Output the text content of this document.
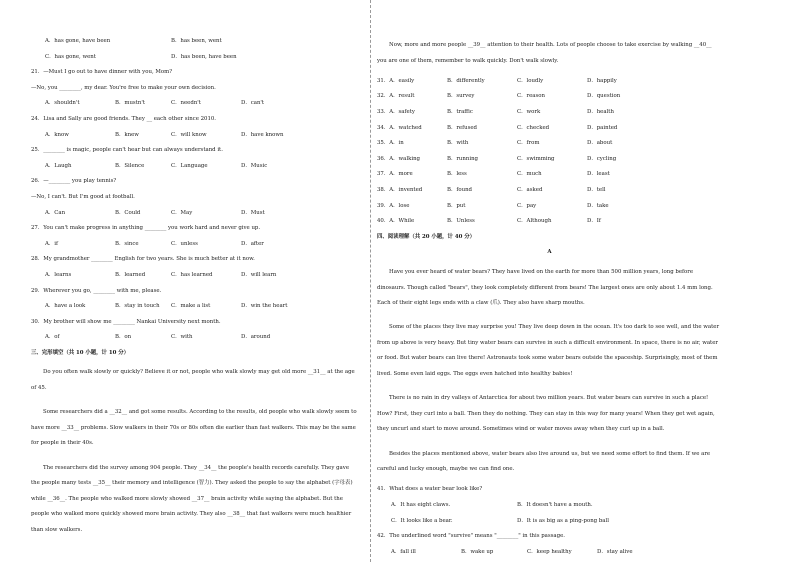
A．has gone, have been	B．has been, went
C．has gone, went	D．has been, have been
21．—Must I go out to have dinner with you, Mom?
—No, you ________, my dear. You're free to make your own decision.
A．shouldn't	B．mustn't	C．needn't	D．can't
24．Lisa and Sally are good friends. They __ each other since 2010.
A．know	B．knew	C．will know	D．have known
25．________ is magic, people can't hear but can always understand it.
A．Laugh	B．Silence	C．Language	D．Music
26．—________ you play tennis?
—No, I can't. But I'm good at football.
A．Can	B．Could	C．May	D．Must
27．You can't make progress in anything ________ you work hard and never give up.
A．if	B．since	C．unless	D．after
28．My grandmother ________ English for two years. She is much better at it now.
A．learns	B．learned	C．has learned	D．will learn
29．Wherever you go, ________ with me, please.
A．have a look	B．stay in touch C．make a list	D．win the heart
30．My brother will show me ________ Nankai University next month.
A．of	B．on	C．with	D．around
三、完形填空（共 10 小题，计 10 分）
Do you often walk slowly or quickly? Believe it or not, people who walk slowly may get old more __31__ at the age of 45.
Some researchers did a __32__ and got some results. According to the results, old people who walk slowly seem to have more __33__ problems. Slow walkers in their 70s or 80s often die earlier than fast walkers. This may be the same for people in their 40s.
The researchers did the survey among 904 people. They __34__ the people's health records carefully. They gave the people many tests __35__ their memory and intelligence (智力). They asked the people to say the alphabet (字母表) while __36__. The people who walked more slowly showed __37__ brain activity while saying the alphabet. But the people who walked more quickly showed more brain activity. They also __38__ that fast walkers were much healthier than slow walkers.
Now, more and more people __39__ attention to their health. Lots of people choose to take exercise by walking __40__ you are one of them, remember to walk quickly. Don't walk slowly.
31．A．easily	B．differently	C．loudly	D．happily
32．A．result	B．survey	C．reason	D．question
33．A．safety	B．traffic	C．work	D．health
34．A．watched	B．refused	C．checked	D．painted
35．A．in	B．with	C．from	D．about
36．A．walking	B．running	C．swimming	D．cycling
37．A．more	B．less	C．much	D．least
38．A．invented	B．found	C．asked	D．tell
39．A．lose	B．put	C．pay	D．take
40．A．While	B．Unless	C．Although	D．If
四、阅读理解（共 20 小题，计 40 分）
A
Have you ever heard of water bears? They have lived on the earth for more than 500 million years, long before dinosaurs. Though called "bears", they look completely different from bears! The largest ones are only about 1.4 mm long. Each of their eight legs ends with a claw (爪). They also have sharp mouths.
Some of the places they live may surprise you! They live deep down in the ocean. It's too dark to see well, and the water from up above is very heavy. But tiny water bears can survive in such a difficult environment. In space, there is no air, water or food. But water bears can live there! Astronauts took some water bears outside the spaceship. Surprisingly, most of them lived. Some even laid eggs. The eggs even hatched into healthy babies!
There is no rain in dry valleys of Antarctica for about two million years. But water bears can survive in such a place! How? First, they curl into a ball. Then they do nothing. They can stay in this way for many years! When they get wet again, they uncurl and start to move around. Sometimes wind or water moves away when they curl up in a ball.
Besides the places mentioned above, water bears also live around us, but we need some effort to find them. If we are careful and lucky enough, maybe we can find one.
41．What does a water bear look like?
A．It has eight claws.	B．It doesn't have a mouth.
C．It looks like a bear.	D．It is as big as a ping-pong ball
42．The underlined word "survive" means "________" in this passage.
A．fall ill	B．wake up	C．keep healthy	D．stay alive
